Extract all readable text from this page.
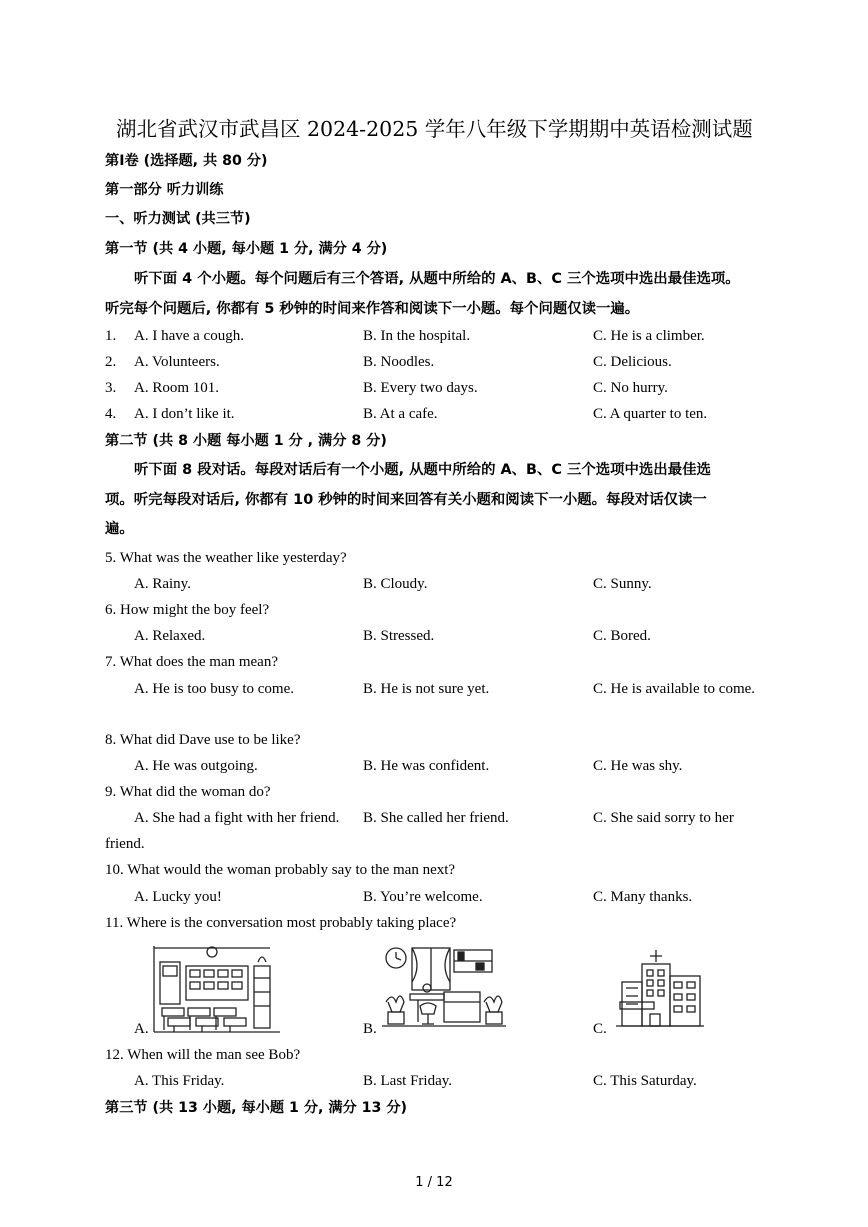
湖北省武汉市武昌区 2024-2025 学年八年级下学期期中英语检测试题
第Ⅰ卷 (选择题, 共 80 分)
第一部分 听力训练
一、听力测试 (共三节)
第一节 (共 4 小题, 每小题 1 分, 满分 4 分)
听下面 4 个小题。每个问题后有三个答语, 从题中所给的 A、B、C 三个选项中选出最佳选项。
听完每个问题后, 你都有 5 秒钟的时间来作答和阅读下一小题。每个问题仅读一遍。
1. A. I have a cough.	B. In the hospital.	C. He is a climber.
2. A. Volunteers.	B. Noodles.	C. Delicious.
3. A. Room 101.	B. Every two days.	C. No hurry.
4. A. I don’t like it.	B. At a cafe.	C. A quarter to ten.
第二节 (共 8 小题 每小题 1 分 , 满分 8 分)
听下面 8 段对话。每段对话后有一个小题, 从题中所给的 A、B、C 三个选项中选出最佳选
项。听完每段对话后, 你都有 10 秒钟的时间来回答有关小题和阅读下一小题。每段对话仅读一
遍。
5. What was the weather like yesterday?
A. Rainy.	B. Cloudy.	C. Sunny.
6. How might the boy feel?
A. Relaxed.	B. Stressed.	C. Bored.
7. What does the man mean?
A. He is too busy to come.	B. He is not sure yet.	C. He is available to come.
8. What did Dave use to be like?
A. He was outgoing.	B. He was confident.	C. He was shy.
9. What did the woman do?
A. She had a fight with her friend. B. She called her friend.	C. She said sorry to her
friend.
10. What would the woman probably say to the man next?
A. Lucky you!	B. You’re welcome.	C. Many thanks.
11. Where is the conversation most probably taking place?
A.	B.	C.
12. When will the man see Bob?
A. This Friday.	B. Last Friday.	C. This Saturday.
第三节 (共 13 小题, 每小题 1 分, 满分 13 分)
1 / 12
